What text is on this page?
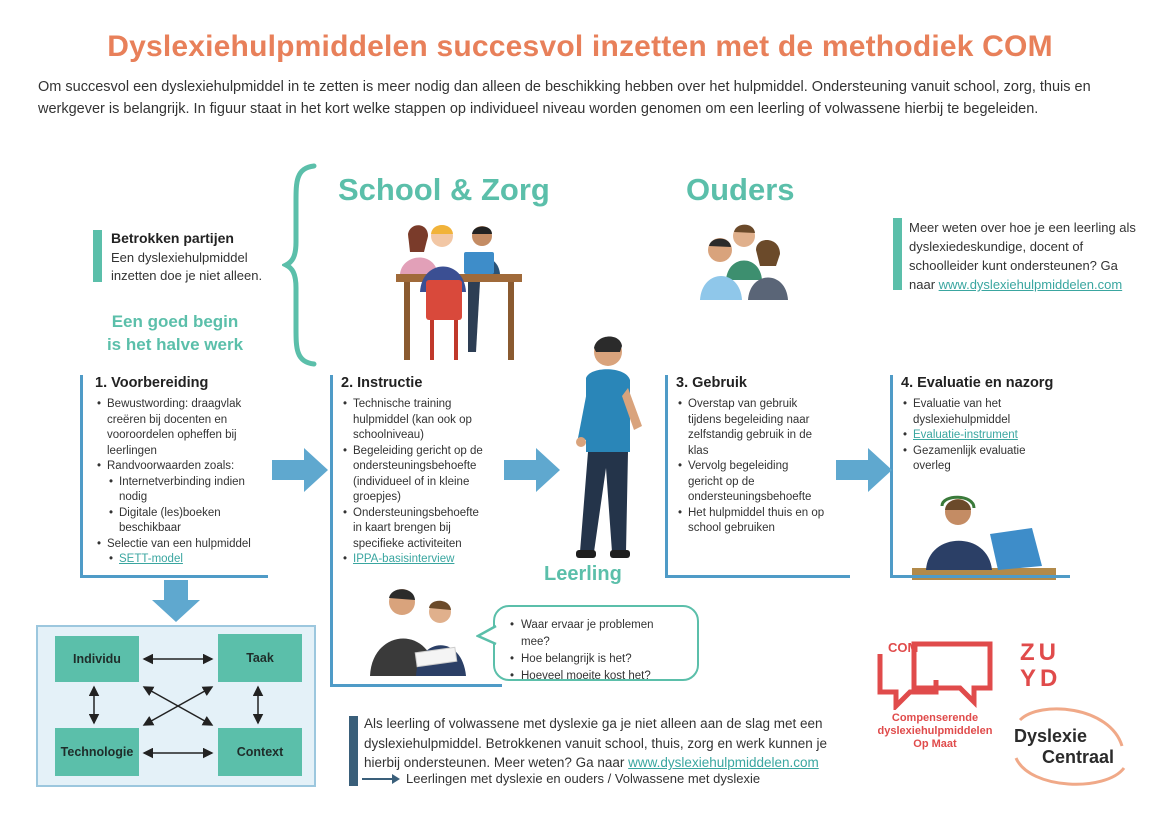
Dyslexiehulpmiddelen succesvol inzetten met de methodiek COM
Om succesvol een dyslexiehulpmiddel in te zetten is meer nodig dan alleen de beschikking hebben over het hulpmiddel. Ondersteuning vanuit school, zorg, thuis en werkgever is belangrijk. In figuur staat in het kort welke stappen op individueel niveau worden genomen om een leerling of volwassene hierbij te begeleiden.
School & Zorg	Ouders
Leerling
Betrokken partijen
Een dyslexiehulpmiddel inzetten doe je niet alleen.
Een goed begin
is het halve werk
Meer weten over hoe je een leerling als dyslexiedeskundige, docent of schoolleider kunt ondersteunen? Ga naar www.dyslexiehulpmiddelen.com
1. Voorbereiding
• Bewustwording: draagvlak creëren bij docenten en vooroordelen opheffen bij leerlingen
• Randvoorwaarden zoals:
• Internetverbinding indien nodig
• Digitale (les)boeken beschikbaar
• Selectie van een hulpmiddel
• SETT-model
2. Instructie
• Technische training hulpmiddel (kan ook op schoolniveau)
• Begeleiding gericht op de ondersteuningsbehoefte (individueel of in kleine groepjes)
• Ondersteuningsbehoefte in kaart brengen bij specifieke activiteiten
• IPPA-basisinterview
3. Gebruik
• Overstap van gebruik tijdens begeleiding naar zelfstandig gebruik in de klas
• Vervolg begeleiding gericht op de ondersteuningsbehoefte
• Het hulpmiddel thuis en op school gebruiken
4. Evaluatie en nazorg
• Evaluatie van het dyslexiehulpmiddel
• Evaluatie-instrument
• Gezamenlijk evaluatie overleg
Individu	Taak
Technologie	Context
• Waar ervaar je problemen mee?
• Hoe belangrijk is het?
• Hoeveel moeite kost het?
Als leerling of volwassene met dyslexie ga je niet alleen aan de slag met een dyslexiehulpmiddel. Betrokkenen vanuit school, thuis, zorg en werk kunnen je hierbij ondersteunen. Meer weten? Ga naar www.dyslexiehulpmiddelen.com
Leerlingen met dyslexie en ouders / Volwassene met dyslexie
COM
Compenserende
dyslexiehulpmiddelen
Op Maat
ZU
YD
Dyslexie
Centraal
